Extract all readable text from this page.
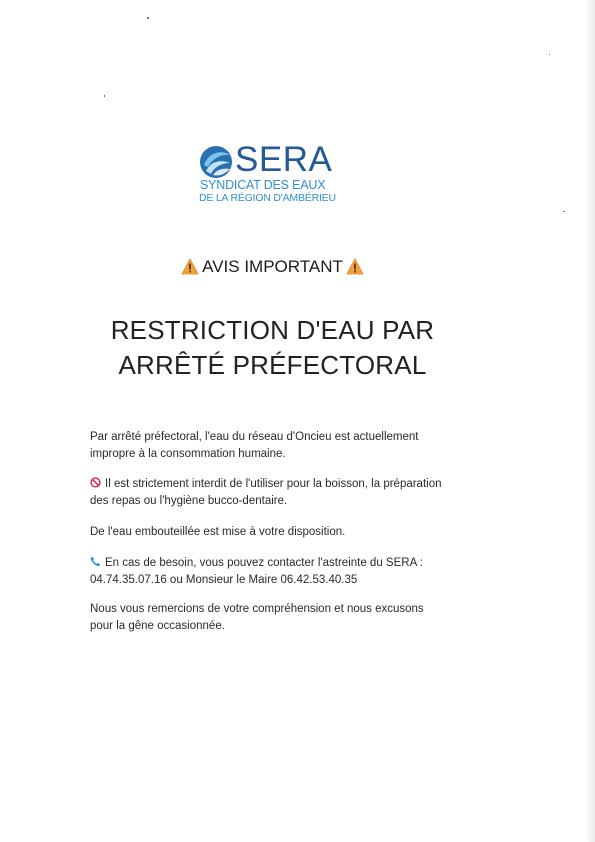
SERA
SYNDICAT DES EAUX
DE LA RÉGION D'AMBÉRIEU
AVIS IMPORTANT
RESTRICTION D'EAU PAR
ARRÊTÉ PRÉFECTORAL
Par arrêté préfectoral, l'eau du réseau d'Oncieu est actuellement
impropre à la consommation humaine.
Il est strictement interdit de l'utiliser pour la boisson, la préparation
des repas ou l'hygiène bucco-dentaire.
De l'eau embouteillée est mise à votre disposition.
En cas de besoin, vous pouvez contacter l'astreinte du SERA :
04.74.35.07.16 ou Monsieur le Maire 06.42.53.40.35
Nous vous remercions de votre compréhension et nous excusons
pour la gêne occasionnée.
